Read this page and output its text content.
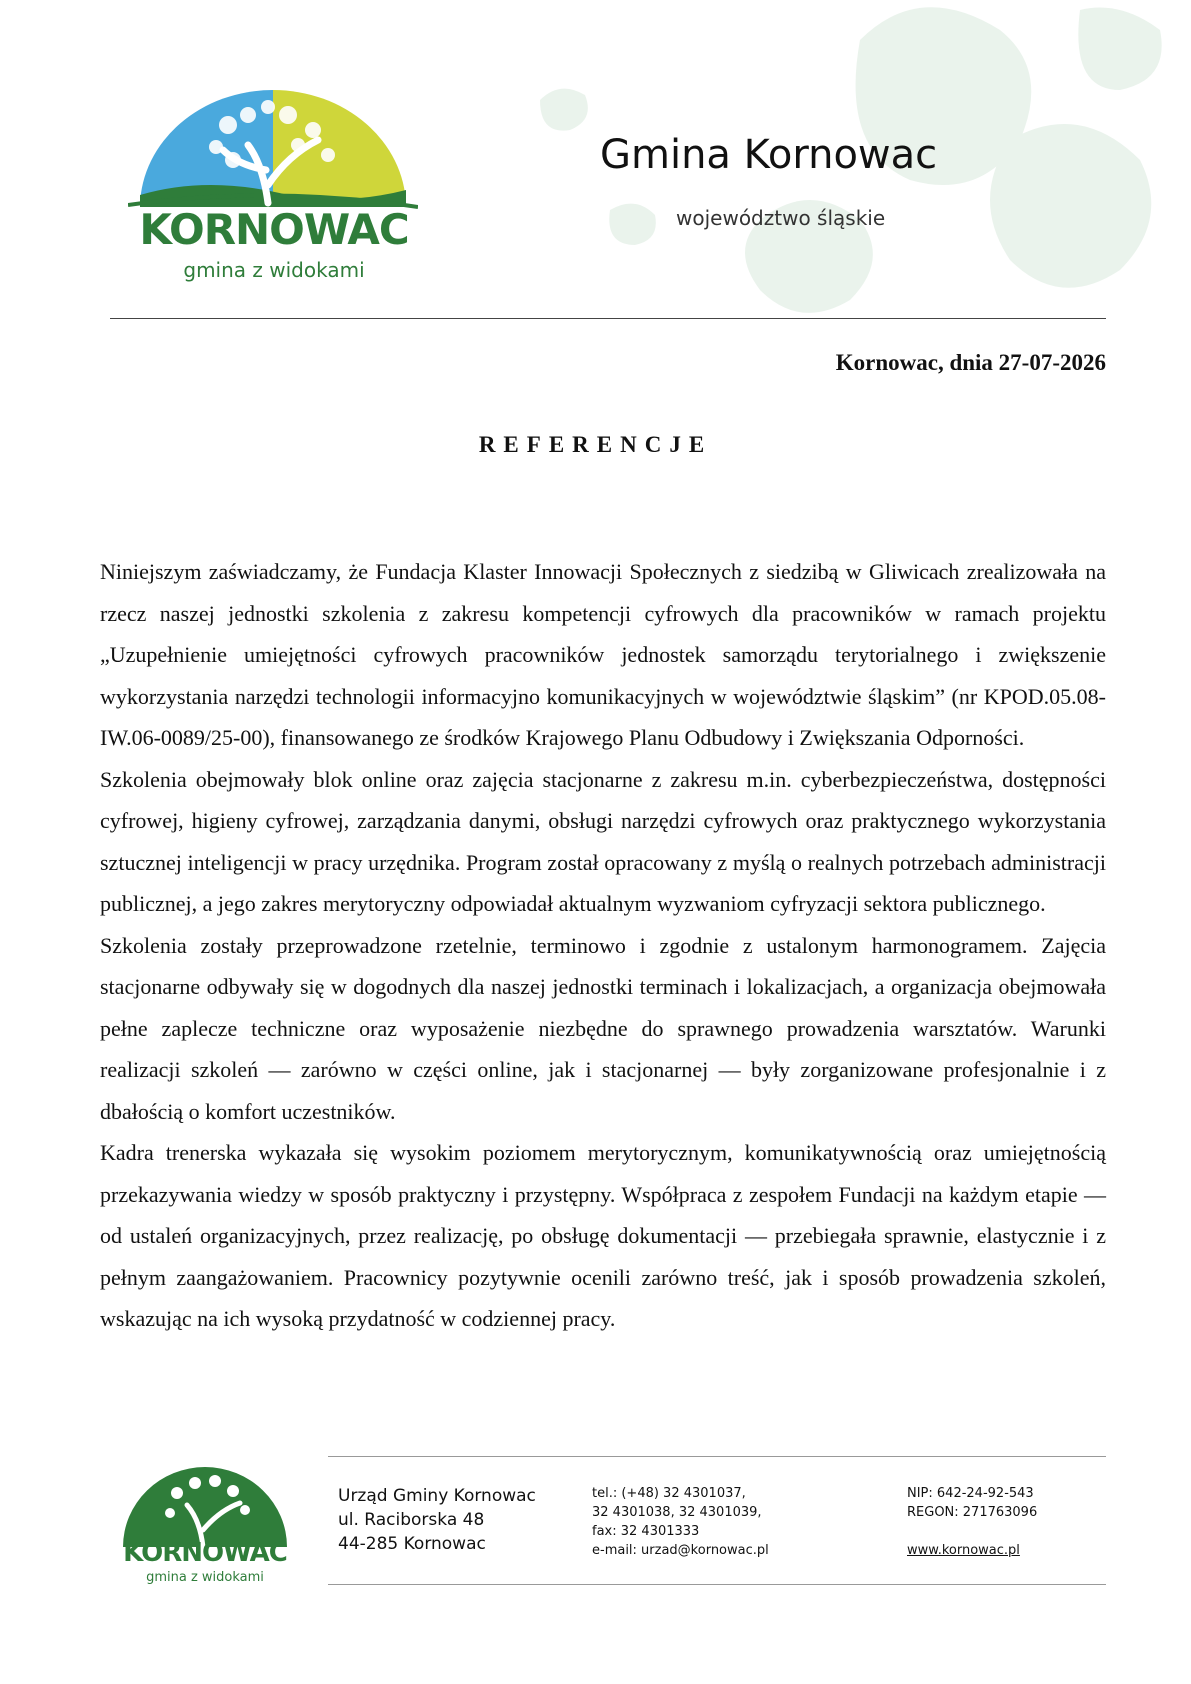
KORNOWAC
gmina z widokami
Gmina Kornowac
województwo śląskie
Kornowac, dnia 27-07-2026
REFERENCJE

Niniejszym zaświadczamy, że Fundacja Klaster Innowacji Społecznych z siedzibą w Gliwicach zrealizowała na rzecz naszej jednostki szkolenia z zakresu kompetencji cyfrowych dla pracowników w ramach projektu „Uzupełnienie umiejętności cyfrowych pracowników jednostek samorządu terytorialnego i zwiększenie wykorzystania narzędzi technologii informacyjno komunikacyjnych w województwie śląskim” (nr KPOD.05.08-IW.06-0089/25-00), finansowanego ze środków Krajowego Planu Odbudowy i Zwiększania Odporności.

Szkolenia obejmowały blok online oraz zajęcia stacjonarne z zakresu m.in. cyberbezpieczeństwa, dostępności cyfrowej, higieny cyfrowej, zarządzania danymi, obsługi narzędzi cyfrowych oraz praktycznego wykorzystania sztucznej inteligencji w pracy urzędnika. Program został opracowany z myślą o realnych potrzebach administracji publicznej, a jego zakres merytoryczny odpowiadał aktualnym wyzwaniom cyfryzacji sektora publicznego.

Szkolenia zostały przeprowadzone rzetelnie, terminowo i zgodnie z ustalonym harmonogramem. Zajęcia stacjonarne odbywały się w dogodnych dla naszej jednostki terminach i lokalizacjach, a organizacja obejmowała pełne zaplecze techniczne oraz wyposażenie niezbędne do sprawnego prowadzenia warsztatów. Warunki realizacji szkoleń — zarówno w części online, jak i stacjonarnej — były zorganizowane profesjonalnie i z dbałością o komfort uczestników.

Kadra trenerska wykazała się wysokim poziomem merytorycznym, komunikatywnością oraz umiejętnością przekazywania wiedzy w sposób praktyczny i przystępny. Współpraca z zespołem Fundacji na każdym etapie — od ustaleń organizacyjnych, przez realizację, po obsługę dokumentacji — przebiegała sprawnie, elastycznie i z pełnym zaangażowaniem. Pracownicy pozytywnie ocenili zarówno treść, jak i sposób prowadzenia szkoleń, wskazując na ich wysoką przydatność w codziennej pracy.

KORNOWAC
gmina z widokami
Urząd Gminy Kornowac
ul. Raciborska 48
44-285 Kornowac
tel.: (+48) 32 4301037,
32 4301038, 32 4301039,
fax: 32 4301333
e-mail: urzad@kornowac.pl
NIP: 642-24-92-543
REGON: 271763096
www.kornowac.pl
